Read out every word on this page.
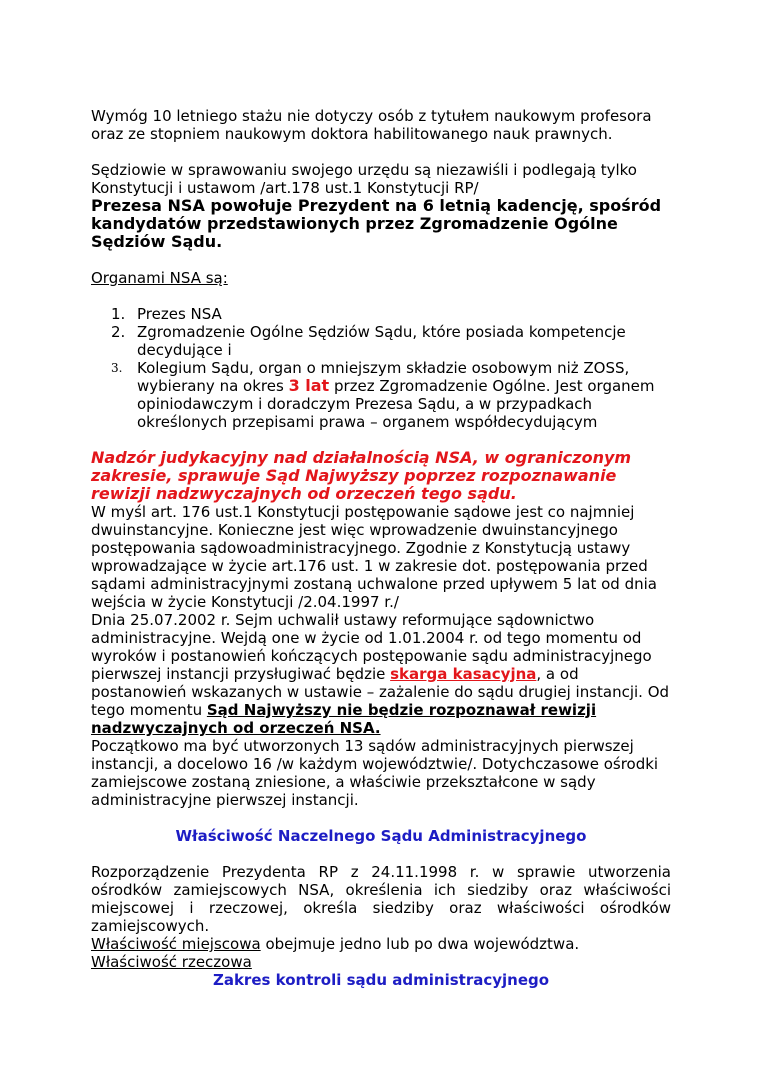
Wymóg 10 letniego stażu nie dotyczy osób z tytułem naukowym profesora oraz ze stopniem naukowym doktora habilitowanego nauk prawnych.

Sędziowie w sprawowaniu swojego urzędu są niezawiśli i podlegają tylko Konstytucji i ustawom /art.178 ust.1 Konstytucji RP/

Prezesa NSA powołuje Prezydent na 6 letnią kadencję, spośród kandydatów przedstawionych przez Zgromadzenie Ogólne Sędziów Sądu.

Organami NSA są:

1. Prezes NSA
2. Zgromadzenie Ogólne Sędziów Sądu, które posiada kompetencje decydujące i
3. Kolegium Sądu, organ o mniejszym składzie osobowym niż ZOSS, wybierany na okres 3 lat przez Zgromadzenie Ogólne. Jest organem opiniodawczym i doradczym Prezesa Sądu, a w przypadkach określonych przepisami prawa – organem współdecydującym

Nadzór judykacyjny nad działalnością NSA, w ograniczonym zakresie, sprawuje Sąd Najwyższy poprzez rozpoznawanie rewizji nadzwyczajnych od orzeczeń tego sądu.

W myśl art. 176 ust.1 Konstytucji postępowanie sądowe jest co najmniej dwuinstancyjne. Konieczne jest więc wprowadzenie dwuinstancyjnego postępowania sądowoadministracyjnego. Zgodnie z Konstytucją ustawy wprowadzające w życie art.176 ust. 1 w zakresie dot. postępowania przed sądami administracyjnymi zostaną uchwalone przed upływem 5 lat od dnia wejścia w życie Konstytucji /2.04.1997 r./

Dnia 25.07.2002 r. Sejm uchwalił ustawy reformujące sądownictwo administracyjne. Wejdą one w życie od 1.01.2004 r. od tego momentu od wyroków i postanowień kończących postępowanie sądu administracyjnego pierwszej instancji przysługiwać będzie skarga kasacyjna, a od postanowień wskazanych w ustawie – zażalenie do sądu drugiej instancji. Od tego momentu Sąd Najwyższy nie będzie rozpoznawał rewizji nadzwyczajnych od orzeczeń NSA.

Początkowo ma być utworzonych 13 sądów administracyjnych pierwszej instancji, a docelowo 16 /w każdym województwie/. Dotychczasowe ośrodki zamiejscowe zostaną zniesione, a właściwie przekształcone w sądy administracyjne pierwszej instancji.

Właściwość Naczelnego Sądu Administracyjnego

Rozporządzenie Prezydenta RP z 24.11.1998 r. w sprawie utworzenia ośrodków zamiejscowych NSA, określenia ich siedziby oraz właściwości miejscowej i rzeczowej, określa siedziby oraz właściwości ośrodków zamiejscowych.

Właściwość miejscowa obejmuje jedno lub po dwa województwa.

Właściwość rzeczowa

Zakres kontroli sądu administracyjnego
